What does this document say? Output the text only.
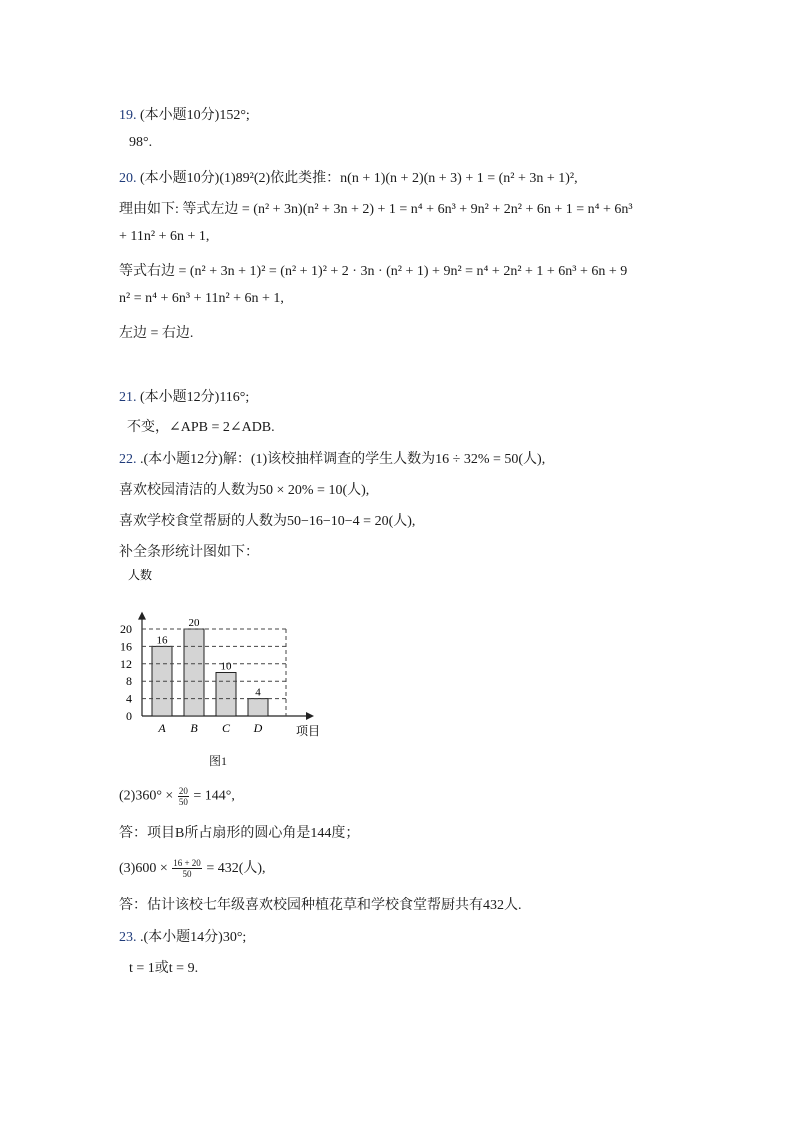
19. (本小题10分)152°;
98°.
20. (本小题10分)(1)89²(2)依此类推：n(n + 1)(n + 2)(n + 3) + 1 = (n² + 3n + 1)²,
理由如下: 等式左边 = (n² + 3n)(n² + 3n + 2) + 1 = n⁴ + 6n³ + 9n² + 2n² + 6n + 1 = n⁴ + 6n³
+ 11n² + 6n + 1,
等式右边 = (n² + 3n + 1)² = (n² + 1)² + 2 · 3n · (n² + 1) + 9n² = n⁴ + 2n² + 1 + 6n³ + 6n + 9
n² = n⁴ + 6n³ + 11n² + 6n + 1,
左边 = 右边.
21. (本小题12分)116°;
不变，∠APB = 2∠ADB.
22. .(本小题12分)解：(1)该校抽样调查的学生人数为16 ÷ 32% = 50(人),
喜欢校园清洁的人数为50 × 20% = 10(人),
喜欢学校食堂帮厨的人数为50−16−10−4 = 20(人),
补全条形统计图如下：
人数
项目
16
A
20
B
10
C
4
D
0
4
8
12
16
20
图1
$(2)360^\circ \times \frac{20}{50} = 144^\circ$,
答：项目B所占扇形的圆心角是144度；
$(3)600 \times \frac{16 + 20}{50} = 432$(人),
答：估计该校七年级喜欢校园种植花草和学校食堂帮厨共有432人.
23. .(本小题14分)30°;
t = 1或t = 9.
